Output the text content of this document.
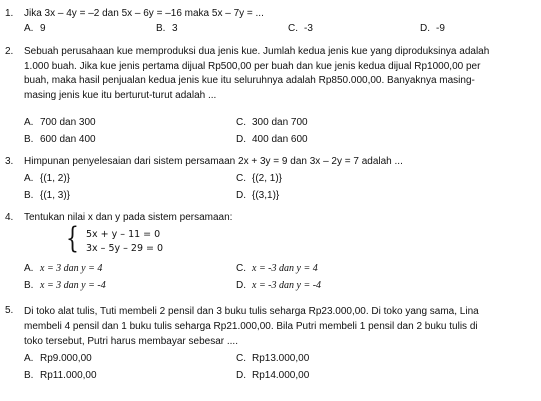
1. Jika 3x – 4y = –2 dan 5x – 6y = –16 maka 5x – 7y = ...
A. 9	B. 3	C. -3	D. -9
2. Sebuah perusahaan kue memproduksi dua jenis kue. Jumlah kedua jenis kue yang diproduksinya adalah

1.000 buah. Jika kue jenis pertama dijual Rp500,00 per buah dan kue jenis kedua dijual Rp1000,00 per

buah, maka hasil penjualan kedua jenis kue itu seluruhnya adalah Rp850.000,00. Banyaknya masing-

masing jenis kue itu berturut-turut adalah ...

A. 700 dan 300
B. 600 dan 400
C. 300 dan 700
D. 400 dan 600
3. Himpunan penyelesaian dari sistem persamaan 2x + 3y = 9 dan 3x – 2y = 7 adalah ...
A. {(1, 2)}
B. {(1, 3)}
C. {(2, 1)}
D. {(3,1)}
4. Tentukan nilai x dan y pada sistem persamaan:
{ 5x + y – 11 = 0
3x – 5y – 29 = 0
A. x = 3 dan y = 4
B. x = 3 dan y = -4
C. x = -3 dan y = 4
D. x = -3 dan y = -4
5. Di toko alat tulis, Tuti membeli 2 pensil dan 3 buku tulis seharga Rp23.000,00. Di toko yang sama, Lina

membeli 4 pensil dan 1 buku tulis seharga Rp21.000,00. Bila Putri membeli 1 pensil dan 2 buku tulis di

toko tersebut, Putri harus membayar sebesar ....

A. Rp9.000,00
B. Rp11.000,00
C. Rp13.000,00
D. Rp14.000,00
